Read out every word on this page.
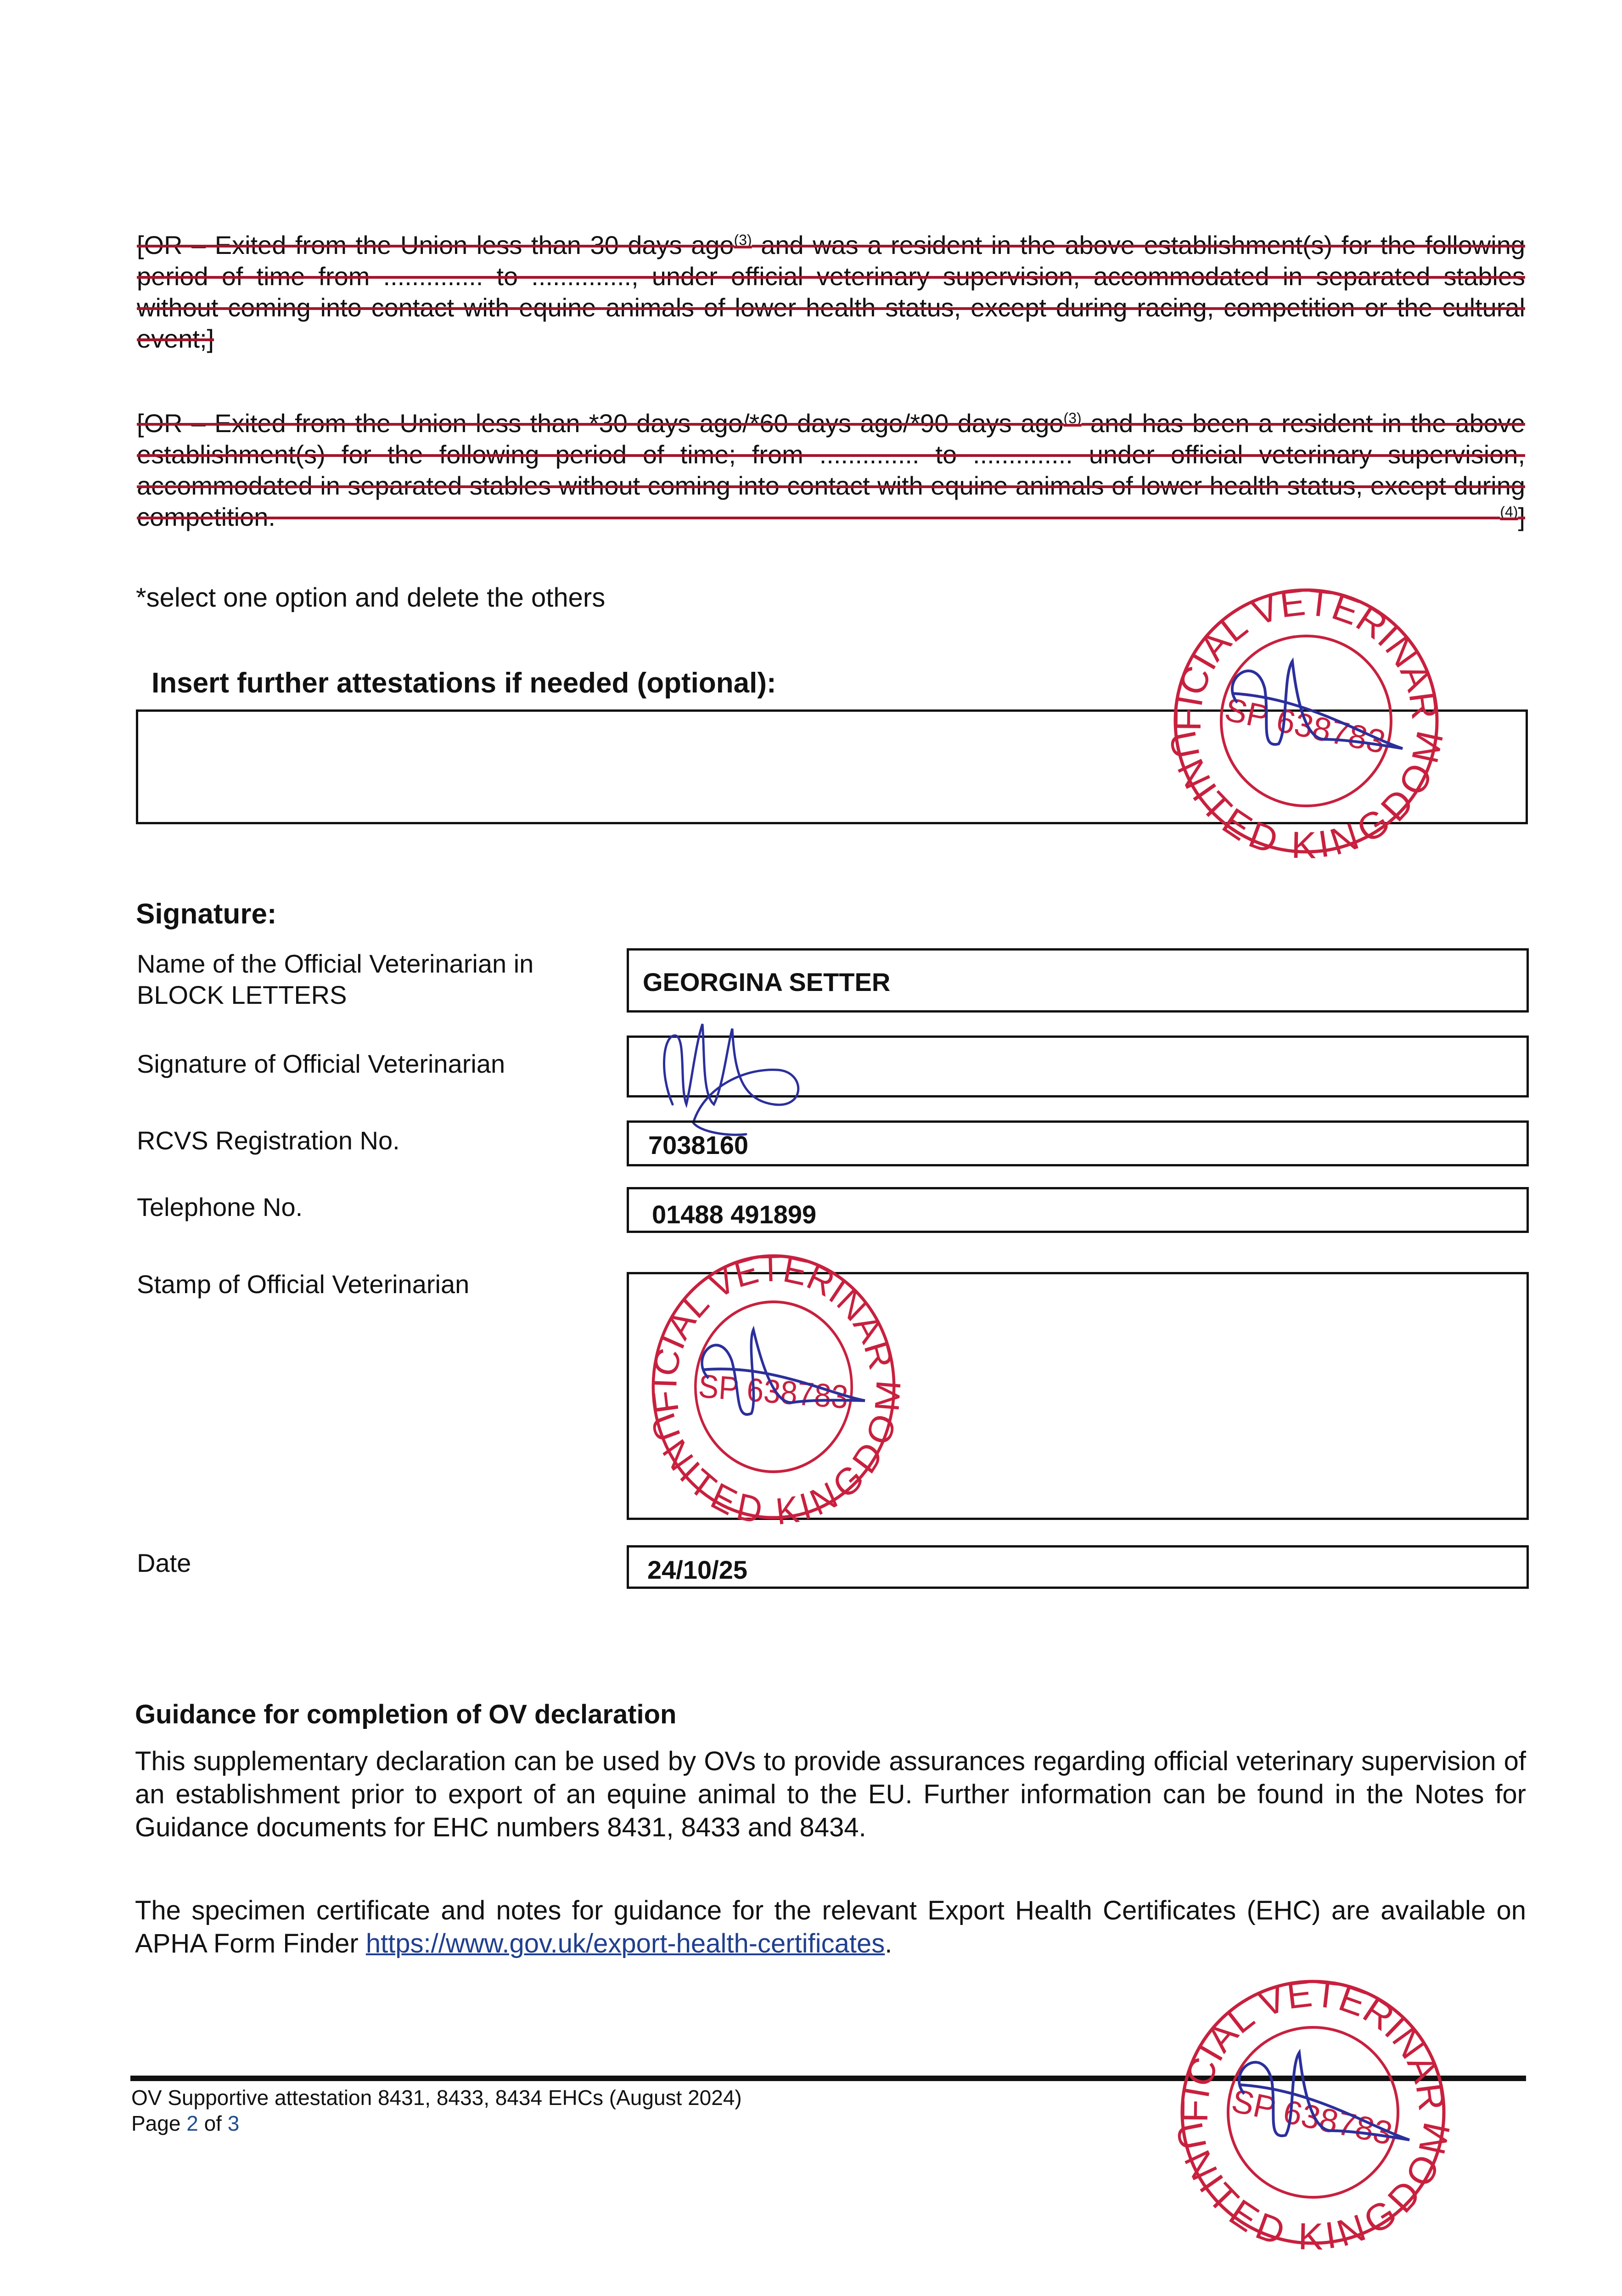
[OR – Exited from the Union less than 30 days ago$^{(3)}$ and was a resident in the above establishment(s) for the following period of time from .............. to .............., under official veterinary supervision, accommodated in separated stables without coming into contact with equine animals of lower health status, except during racing, competition or the cultural event;]
[OR – Exited from the Union less than *30 days ago/*60 days ago/*90 days ago$^{(3)}$ and has been a resident in the above establishment(s) for the following period of time; from .............. to .............. under official veterinary supervision, accommodated in separated stables without coming into contact with equine animals of lower health status, except during competition.	$^{(4)}$]
*select one option and delete the others
Insert further attestations if needed (optional):
Signature:
Name of the Official Veterinarian in BLOCK LETTERS	GEORGINA SETTER
Signature of Official Veterinarian
RCVS Registration No.	7038160
Telephone No.	01488 491899
Stamp of Official Veterinarian
Date	24/10/25
Guidance for completion of OV declaration
This supplementary declaration can be used by OVs to provide assurances regarding official veterinary supervision of an establishment prior to export of an equine animal to the EU. Further information can be found in the Notes for Guidance documents for EHC numbers 8431, 8433 and 8434.
The specimen certificate and notes for guidance for the relevant Export Health Certificates (EHC) are available on APHA Form Finder https://www.gov.uk/export-health-certificates.
OV Supportive attestation 8431, 8433, 8434 EHCs (August 2024)
Page 2 of 3
